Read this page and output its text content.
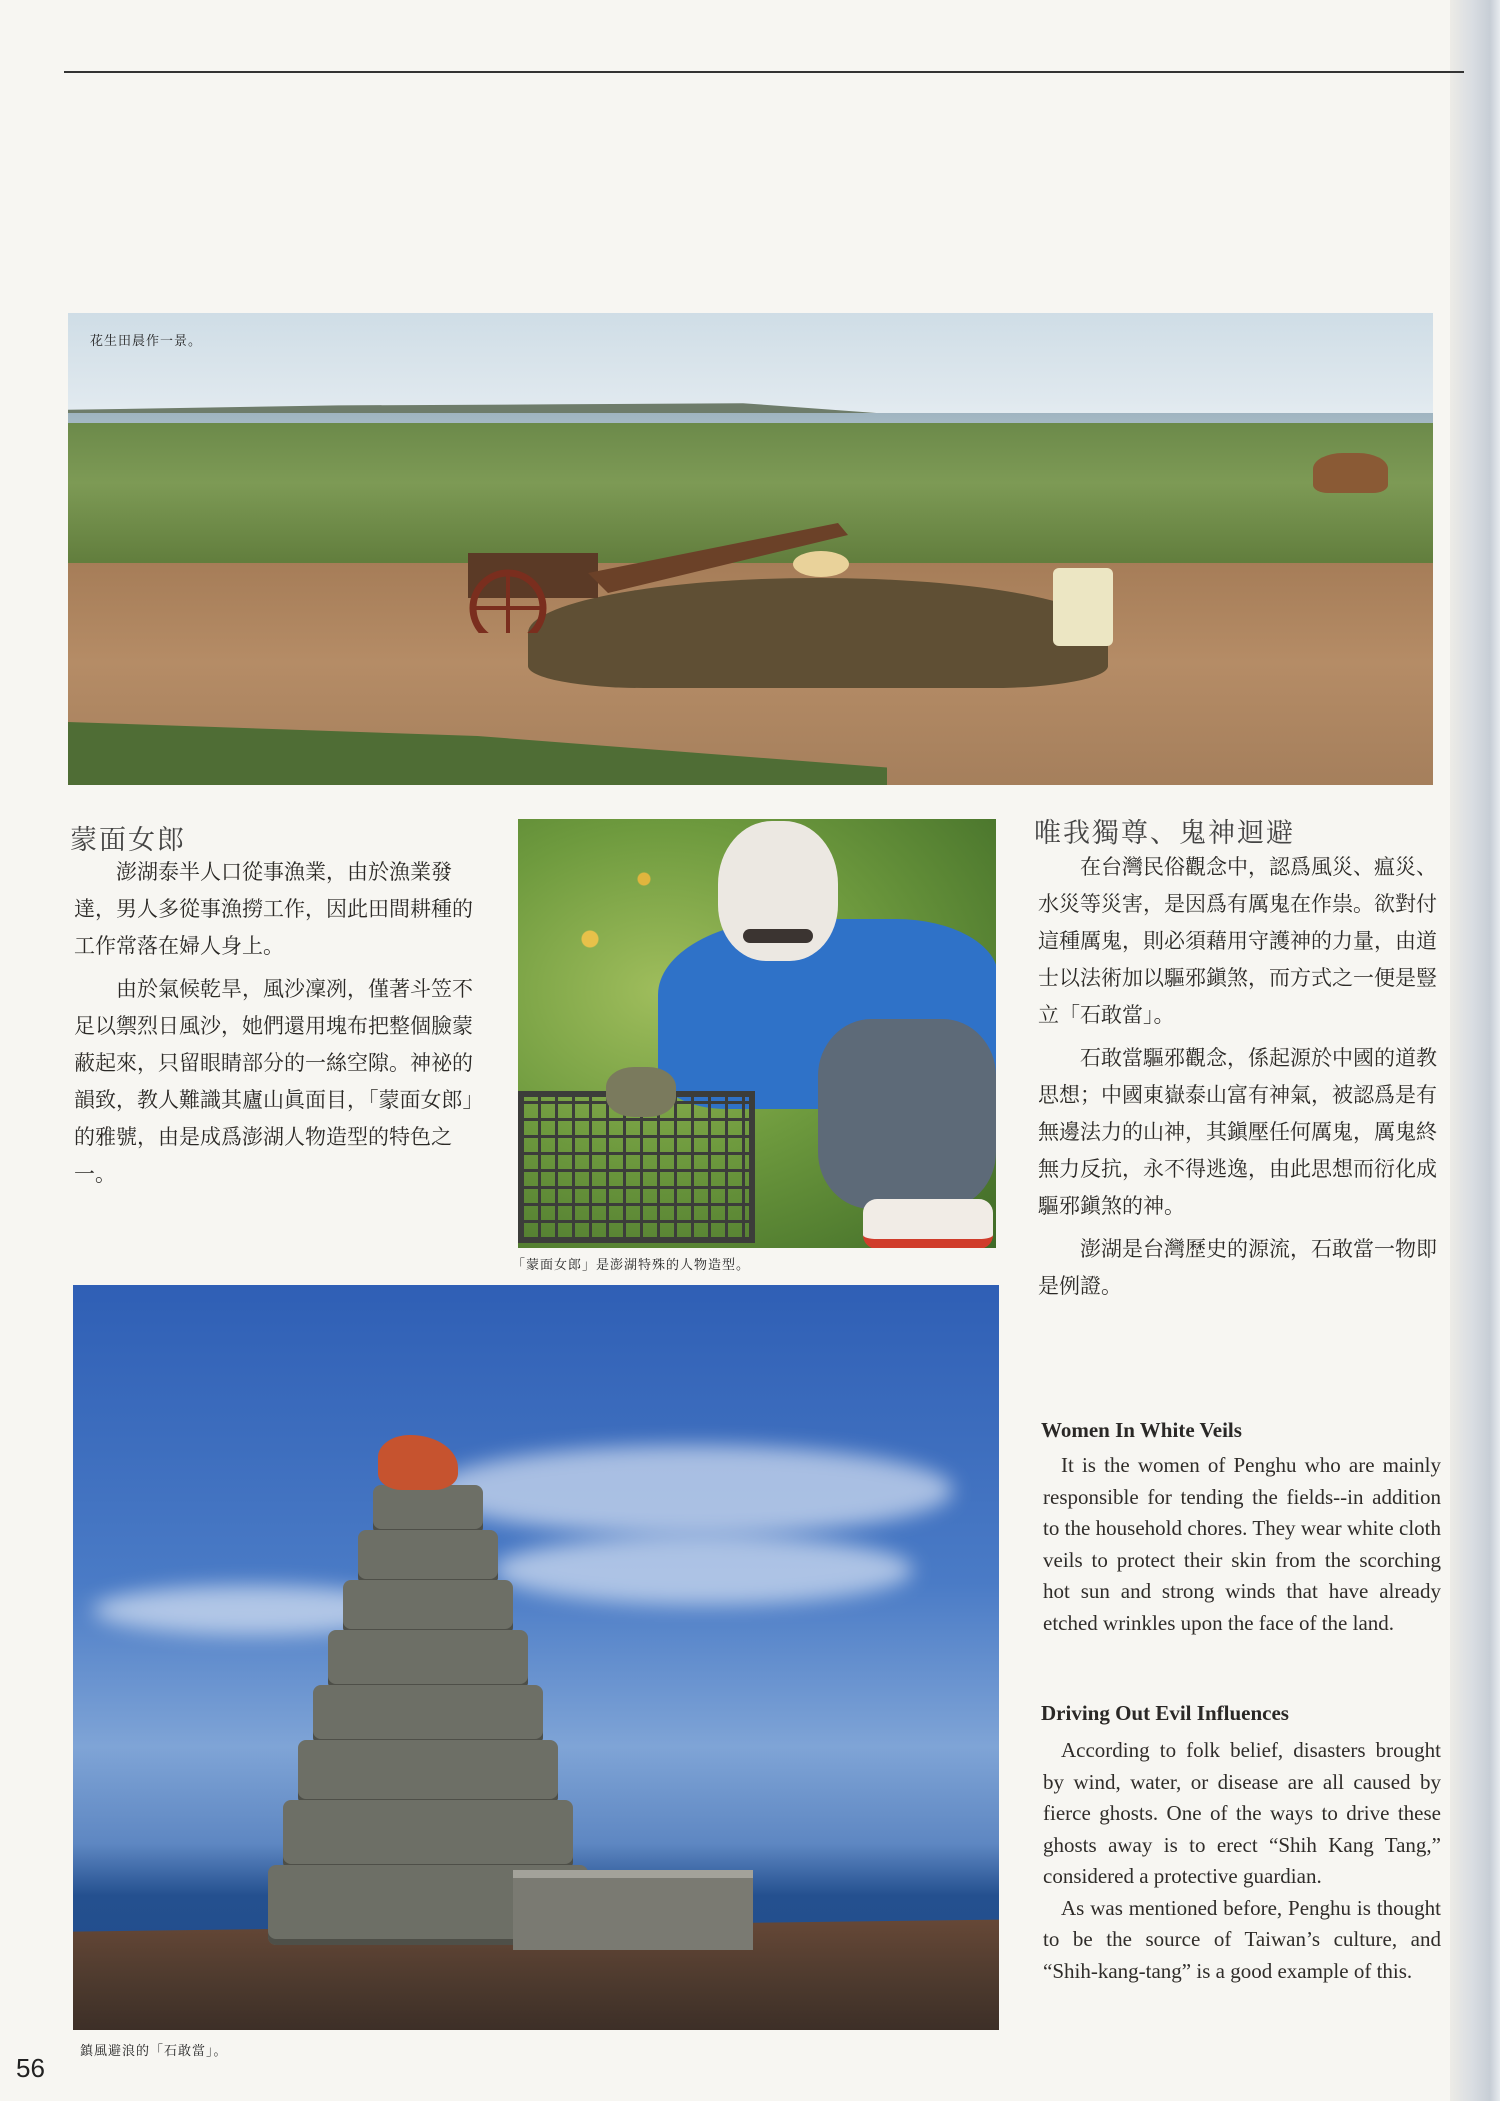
花生田晨作一景。
蒙面女郎

澎湖泰半人口從事漁業，由於漁業發達，男人多從事漁撈工作，因此田間耕種的工作常落在婦人身上。

由於氣候乾旱，風沙凜冽，僅著斗笠不足以禦烈日風沙，她們還用塊布把整個臉蒙蔽起來，只留眼睛部分的一絲空隙。神祕的韻致，教人難識其廬山眞面目，「蒙面女郎」的雅號，由是成爲澎湖人物造型的特色之一。

「蒙面女郎」是澎湖特殊的人物造型。
唯我獨尊、鬼神迴避

在台灣民俗觀念中，認爲風災、瘟災、水災等災害，是因爲有厲鬼在作祟。欲對付這種厲鬼，則必須藉用守護神的力量，由道士以法術加以驅邪鎭煞，而方式之一便是豎立「石敢當」。

石敢當驅邪觀念，係起源於中國的道教思想；中國東嶽泰山富有神氣，被認爲是有無邊法力的山神，其鎭壓任何厲鬼，厲鬼終無力反抗，永不得逃逸，由此思想而衍化成驅邪鎭煞的神。

澎湖是台灣歷史的源流，石敢當一物即是例證。

鎮風避浪的「石敢當」。
Women In White Veils

It is the women of Penghu who are mainly responsible for tending the fields--in addition to the household chores. They wear white cloth veils to protect their skin from the scorching hot sun and strong winds that have already etched wrinkles upon the face of the land.

Driving Out Evil Influences

According to folk belief, disasters brought by wind, water, or disease are all caused by fierce ghosts. One of the ways to drive these ghosts away is to erect “Shih Kang Tang,” considered a protective guardian.

As was mentioned before, Penghu is thought to be the source of Taiwan’s culture, and “Shih-kang-tang” is a good example of this.

56
